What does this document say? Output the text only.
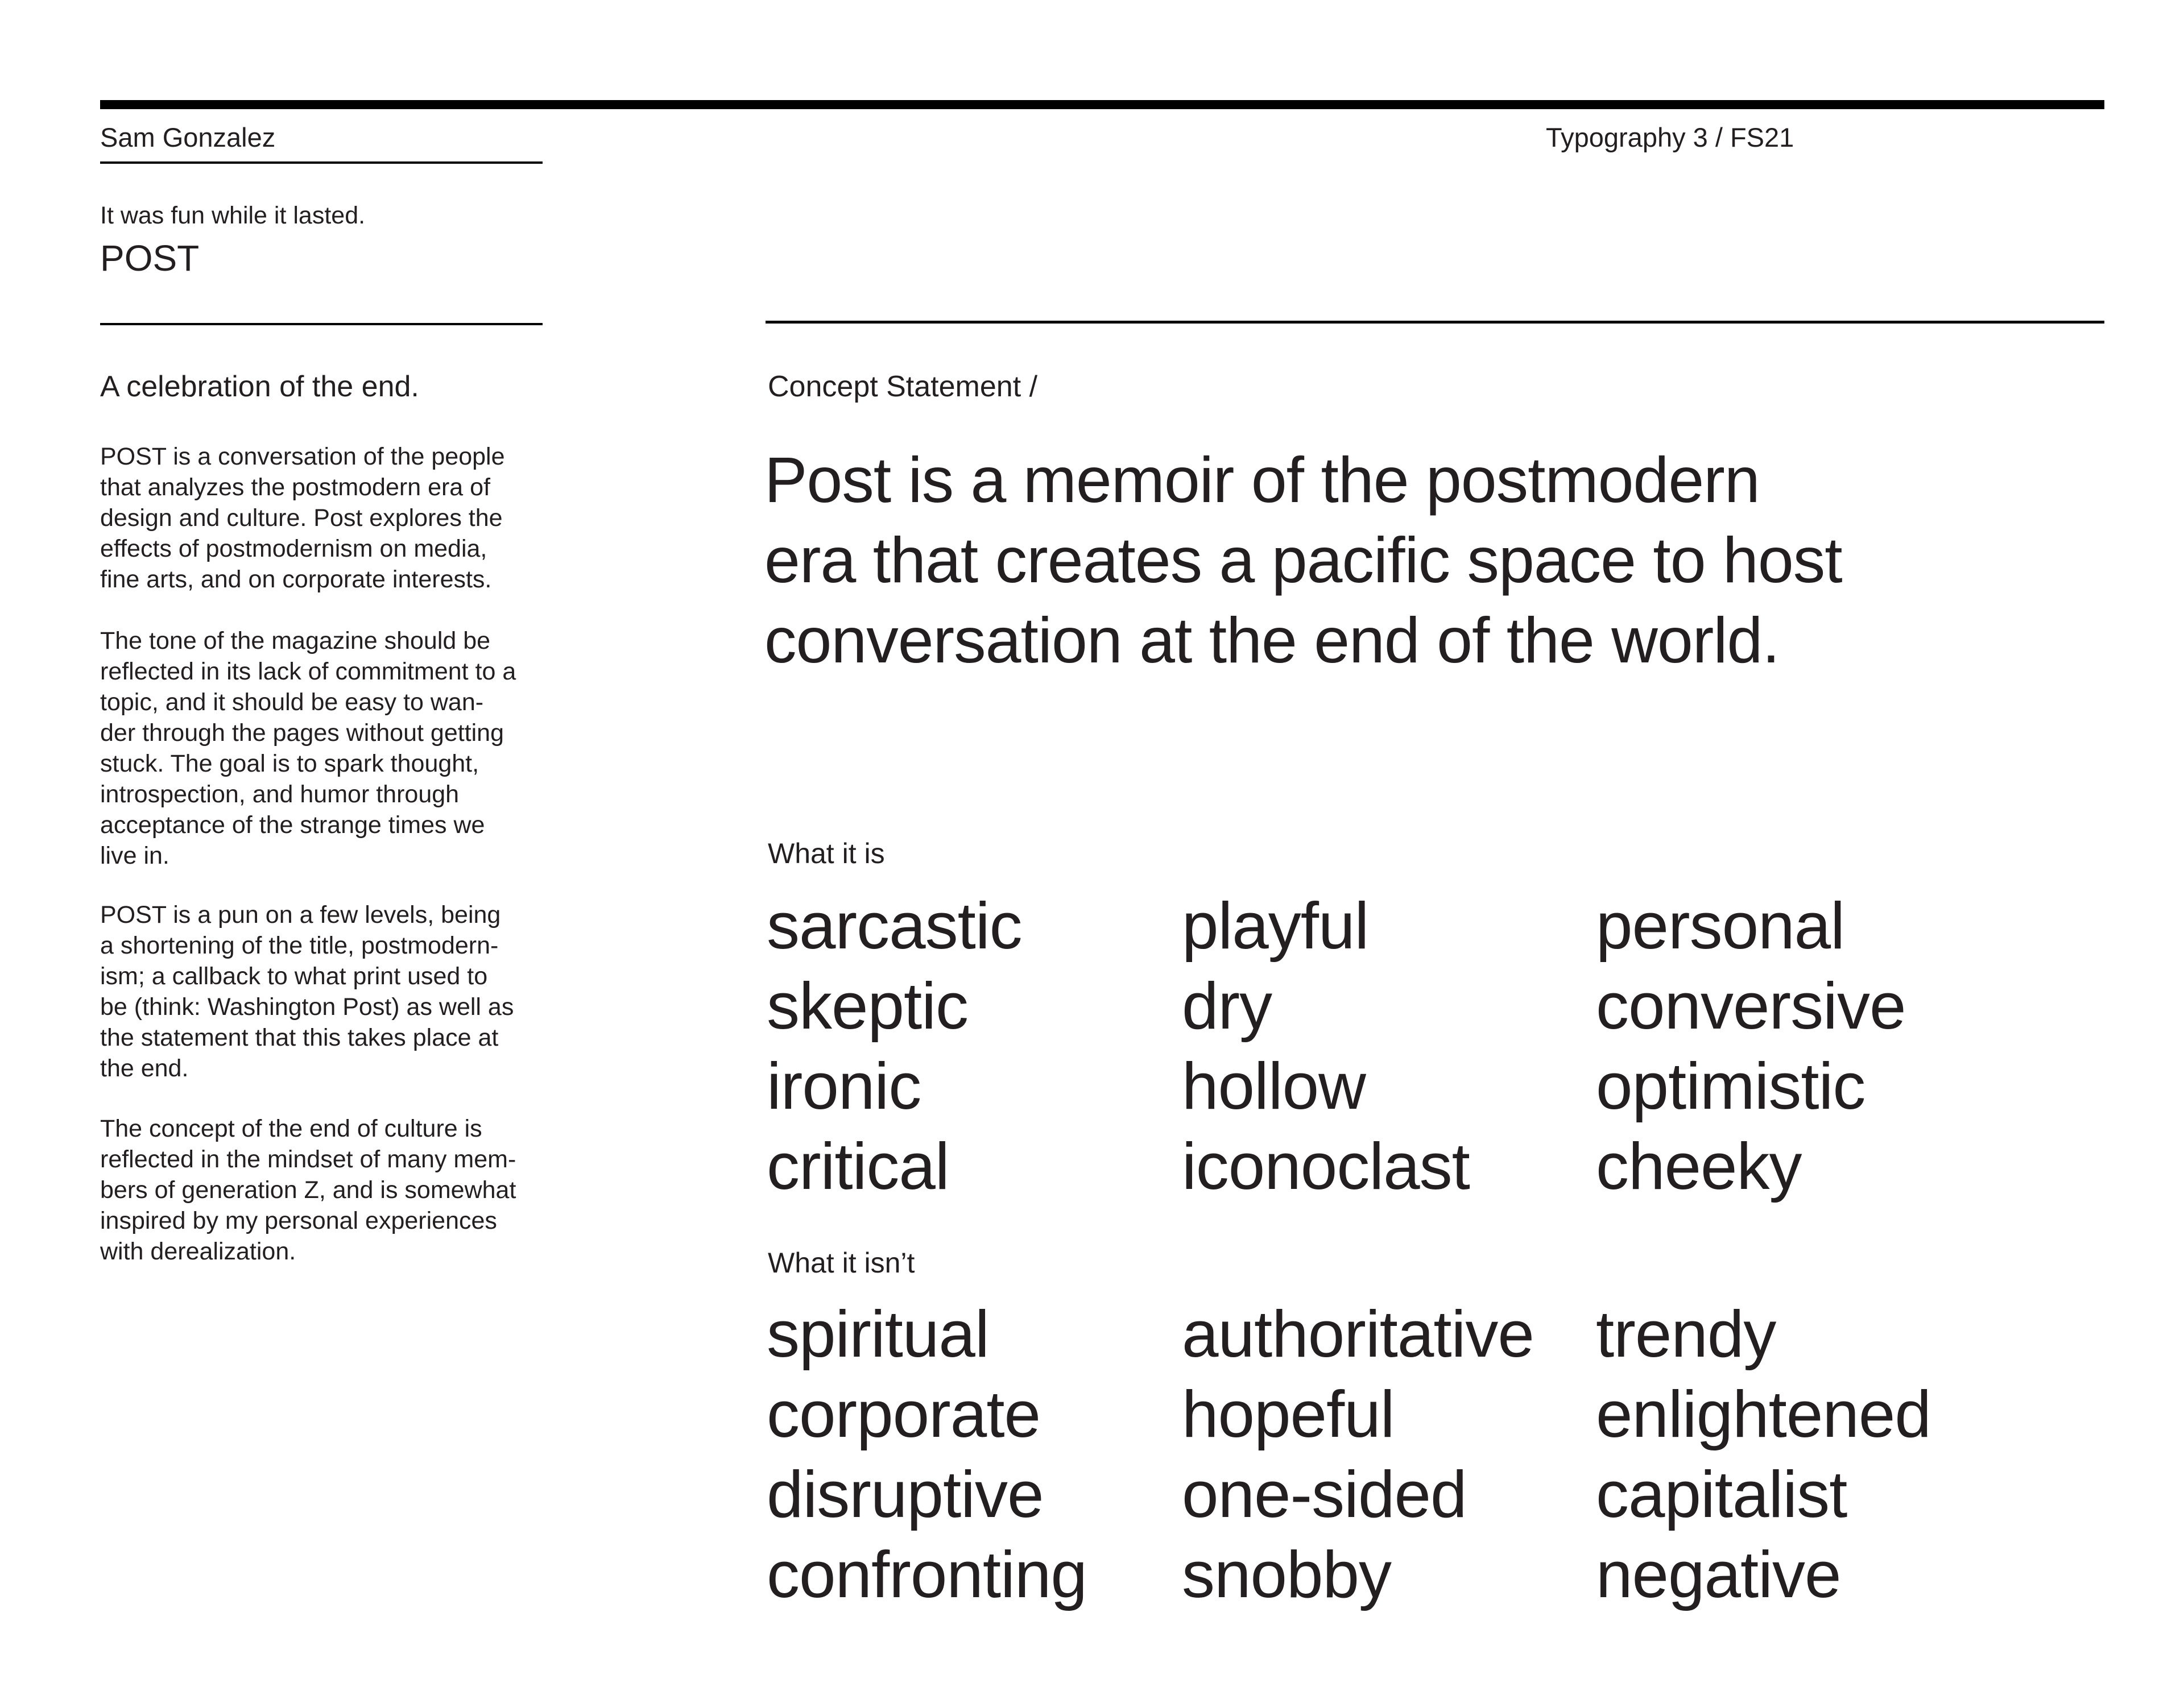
Sam Gonzalez	Typography 3 / FS21

It was fun while it lasted.

POST

A celebration of the end.

POST is a conversation of the people
that analyzes the postmodern era of
design and culture. Post explores the
effects of postmodernism on media,
fine arts, and on corporate interests.

The tone of the magazine should be
reflected in its lack of commitment to a
topic, and it should be easy to wan-
der through the pages without getting
stuck. The goal is to spark thought,
introspection, and humor through
acceptance of the strange times we
live in.

POST is a pun on a few levels, being
a shortening of the title, postmodern-
ism; a callback to what print used to
be (think: Washington Post) as well as
the statement that this takes place at
the end.

The concept of the end of culture is
reflected in the mindset of many mem-
bers of generation Z, and is somewhat
inspired by my personal experiences
with derealization.

Concept Statement /

Post is a memoir of the postmodern
era that creates a pacific space to host
conversation at the end of the world.

What it is

sarcastic
skeptic
ironic
critical
playful
dry
hollow
iconoclast
personal
conversive
optimistic
cheeky

What it isn’t

spiritual
corporate
disruptive
confronting
authoritative
hopeful
one-sided
snobby
trendy
enlightened
capitalist
negative
